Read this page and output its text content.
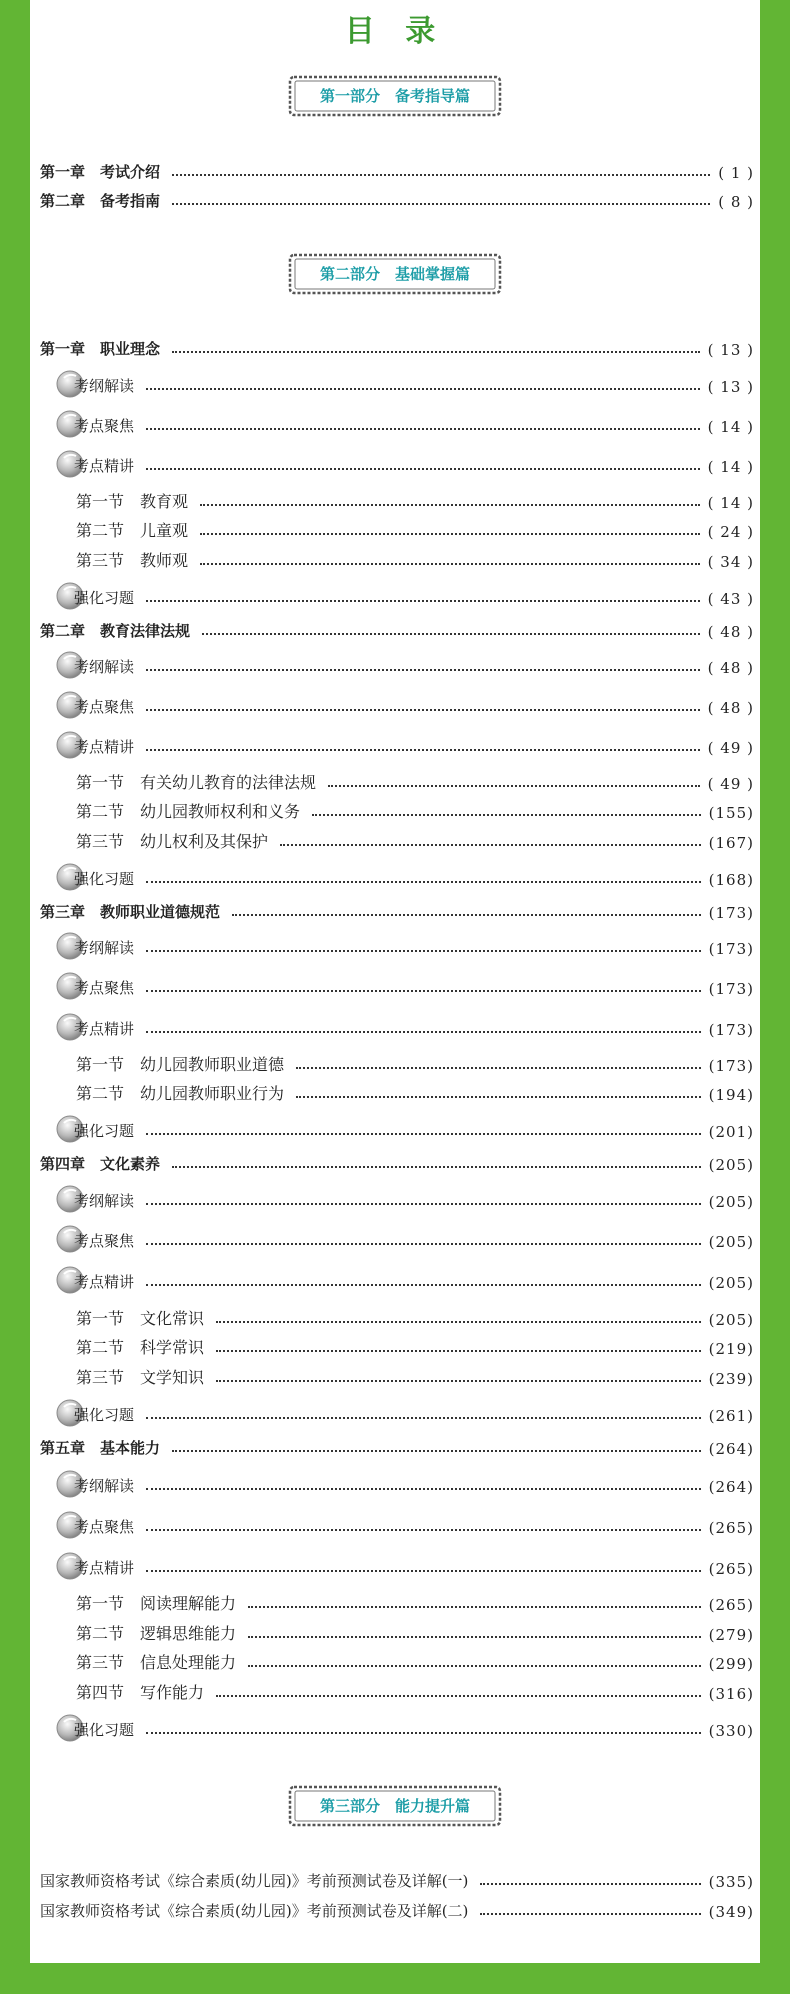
目 录
第一部分　备考指导篇
第二部分　基础掌握篇
第三部分　能力提升篇
第一章　考试介绍	( 1 )
第二章　备考指南	( 8 )
第一章　职业理念	( 13 )
考纲解读	( 13 )
考点聚焦	( 14 )
考点精讲	( 14 )
第一节　教育观	( 14 )
第二节　儿童观	( 24 )
第三节　教师观	( 34 )
强化习题	( 43 )
第二章　教育法律法规	( 48 )
考纲解读	( 48 )
考点聚焦	( 48 )
考点精讲	( 49 )
第一节　有关幼儿教育的法律法规	( 49 )
第二节　幼儿园教师权利和义务	(155)
第三节　幼儿权利及其保护	(167)
强化习题	(168)
第三章　教师职业道德规范	(173)
考纲解读	(173)
考点聚焦	(173)
考点精讲	(173)
第一节　幼儿园教师职业道德	(173)
第二节　幼儿园教师职业行为	(194)
强化习题	(201)
第四章　文化素养	(205)
考纲解读	(205)
考点聚焦	(205)
考点精讲	(205)
第一节　文化常识	(205)
第二节　科学常识	(219)
第三节　文学知识	(239)
强化习题	(261)
第五章　基本能力	(264)
考纲解读	(264)
考点聚焦	(265)
考点精讲	(265)
第一节　阅读理解能力	(265)
第二节　逻辑思维能力	(279)
第三节　信息处理能力	(299)
第四节　写作能力	(316)
强化习题	(330)
国家教师资格考试《综合素质(幼儿园)》考前预测试卷及详解(一)	(335)
国家教师资格考试《综合素质(幼儿园)》考前预测试卷及详解(二)	(349)
